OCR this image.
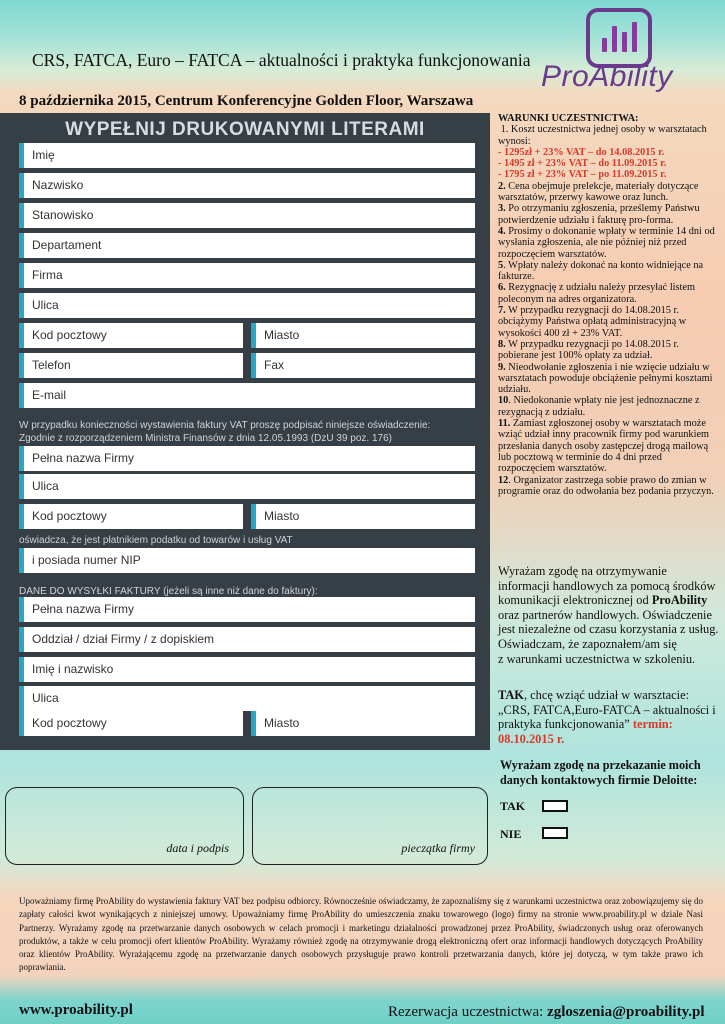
CRS, FATCA, Euro – FATCA – aktualności i praktyka funkcjonowania
8 października 2015, Centrum Konferencyjne Golden Floor, Warszawa
ProAbility
WYPEŁNIJ DRUKOWANYMI LITERAMI
Imię
Nazwisko
Stanowisko
Departament
Firma
Ulica
Kod pocztowy	Miasto
Telefon	Fax
E-mail
W przypadku konieczności wystawienia faktury VAT proszę podpisać niniejsze oświadczenie:
Zgodnie z rozporządzeniem Ministra Finansów z dnia 12.05.1993 (DzU 39 poz. 176)
Pełna nazwa Firmy
Ulica
Kod pocztowy	Miasto
oświadcza, że jest płatnikiem podatku od towarów i usług VAT
i posiada numer NIP
DANE DO WYSYŁKI FAKTURY (jeżeli są inne niż dane do faktury):
Pełna nazwa Firmy
Oddział / dział Firmy / z dopiskiem
Imię i nazwisko
Ulica
Kod pocztowy	Miasto

WARUNKI UCZESTNICTWA:

1. Koszt uczestnictwa jednej osoby w warsztatach wynosi:

- 1295zł + 23% VAT – do 14.08.2015 r.

- 1495 zł + 23% VAT – do 11.09.2015 r.

- 1795 zł + 23% VAT – po 11.09.2015 r.

2. Cena obejmuje prelekcje, materiały dotyczące warsztatów, przerwy kawowe oraz lunch.

3. Po otrzymaniu zgłoszenia, prześlemy Państwu potwierdzenie udziału i fakturę pro-forma.

4. Prosimy o dokonanie wpłaty w terminie 14 dni od wysłania zgłoszenia, ale nie później niż przed rozpoczęciem warsztatów.

5. Wpłaty należy dokonać na konto widniejące na fakturze.

6. Rezygnację z udziału należy przesyłać listem poleconym na adres organizatora.

7. W przypadku rezygnacji do 14.08.2015 r. obciążymy Państwa opłatą administracyjną w wysokości 400 zł + 23% VAT.

8. W przypadku rezygnacji po 14.08.2015 r. pobierane jest 100% opłaty za udział.

9. Nieodwołanie zgłoszenia i nie wzięcie udziału w warsztatach powoduje obciążenie pełnymi kosztami udziału.

10. Niedokonanie wpłaty nie jest jednoznaczne z rezygnacją z udziału.

11. Zamiast zgłoszonej osoby w warsztatach może wziąć udział inny pracownik firmy pod warunkiem przesłania danych osoby zastępczej drogą mailową lub pocztową w terminie do 4 dni przed rozpoczęciem warsztatów.

12. Organizator zastrzega sobie prawo do zmian w programie oraz do odwołania bez podania przyczyn.

Wyrażam zgodę na otrzymywanie informacji handlowych za pomocą środków komunikacji elektronicznej od ProAbility oraz partnerów handlowych. Oświadczenie jest niezależne od czasu korzystania z usług.
Oświadczam, że zapoznałem/am się
z warunkami uczestnictwa w szkoleniu.
TAK, chcę wziąć udział w warsztacie: „CRS, FATCA,Euro-FATCA – aktualności i praktyka funkcjonowania” termin: 08.10.2015 r.
Wyrażam zgodę na przekazanie moich danych kontaktowych firmie Deloitte:
TAK
NIE
data i podpis	pieczątka firmy
Upoważniamy firmę ProAbility do wystawienia faktury VAT bez podpisu odbiorcy. Równocześnie oświadczamy, że zapoznaliśmy się z warunkami uczestnictwa oraz zobowiązujemy się do zapłaty całości kwot wynikających z niniejszej umowy. Upoważniamy firmę ProAbility do umieszczenia znaku towarowego (logo) firmy na stronie www.proability.pl w dziale Nasi Partnerzy. Wyrażamy zgodę na przetwarzanie danych osobowych w celach promocji i marketingu działalności prowadzonej przez ProAbility, świadczonych usług oraz oferowanych produktów, a także w celu promocji ofert klientów ProAbility. Wyrażamy również zgodę na otrzymywanie drogą elektroniczną ofert oraz informacji handlowych dotyczących ProAbility oraz klientów ProAbility. Wyrażającemu zgodę na przetwarzanie danych osobowych przysługuje prawo kontroli przetwarzania danych, które jej dotyczą, w tym także prawo ich poprawiania.
www.proability.pl	Rezerwacja uczestnictwa: zgloszenia@proability.pl
